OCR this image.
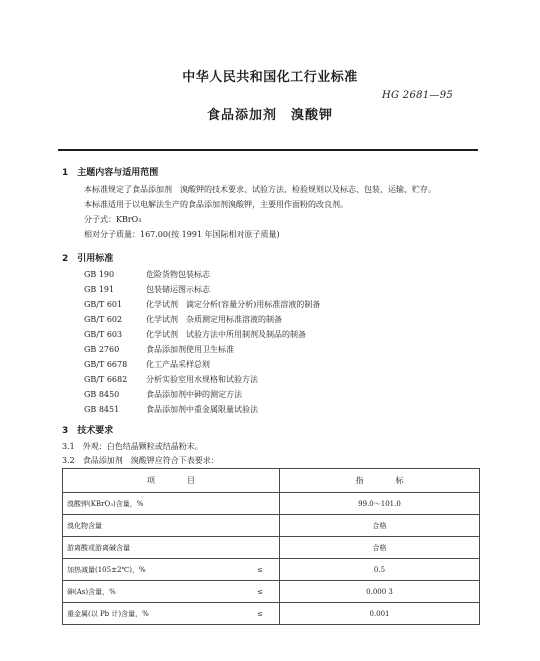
中华人民共和国化工行业标准
HG 2681—95
食品添加剂　溴酸钾
1　主题内容与适用范围
本标准规定了食品添加剂　溴酸钾的技术要求、试验方法、检验规则以及标志、包装、运输、贮存。
本标准适用于以电解法生产的食品添加剂溴酸钾，主要用作面粉的改良剂。
分子式：KBrO₃
相对分子质量：167.00(按 1991 年国际相对原子质量)
2　引用标准
GB 190	危险货物包装标志
GB 191	包装储运图示标志
GB/T 601	化学试剂　滴定分析(容量分析)用标准溶液的制备
GB/T 602	化学试剂　杂质测定用标准溶液的制备
GB/T 603	化学试剂　试验方法中所用制剂及制品的制备
GB 2760	食品添加剂使用卫生标准
GB/T 6678 化工产品采样总则
GB/T 6682 分析实验室用水规格和试验方法
GB 8450	食品添加剂中砷的测定方法
GB 8451	食品添加剂中重金属限量试验法
3　技术要求
3.1　外观：白色结晶颗粒或结晶粉末。
3.2　食品添加剂　溴酸钾应符合下表要求：
项　　　　目		指　　　　标
溴酸钾(KBrO₃)含量，%		99.0～101.0
溴化物含量		合格
游离酸或游离碱含量		合格
加热减量(105±2℃)，%	≤	0.5
砷(As)含量，%	≤	0.000 3
重金属(以 Pb 计)含量，%	≤	0.001
